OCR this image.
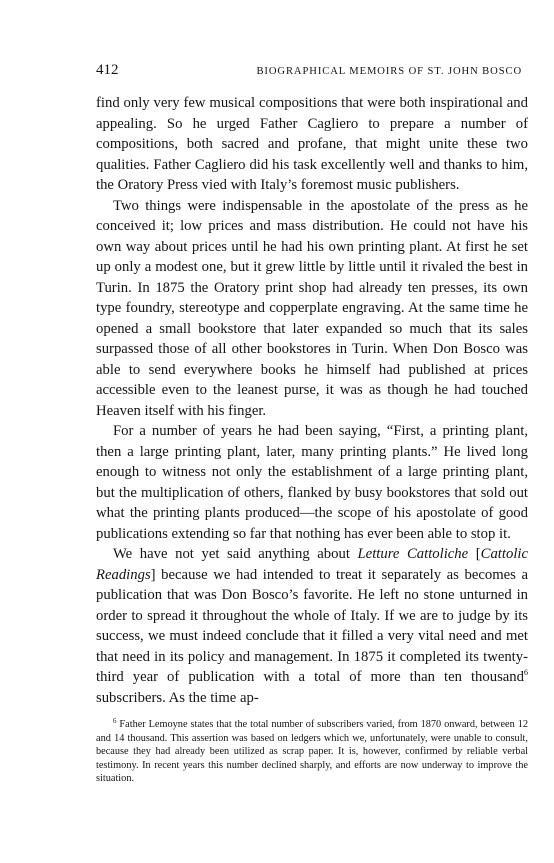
412	BIOGRAPHICAL MEMOIRS OF ST. JOHN BOSCO

find only very few musical compositions that were both inspirational and appealing. So he urged Father Cagliero to prepare a number of compositions, both sacred and profane, that might unite these two qualities. Father Cagliero did his task excellently well and thanks to him, the Oratory Press vied with Italy’s foremost music publishers.

Two things were indispensable in the apostolate of the press as he conceived it; low prices and mass distribution. He could not have his own way about prices until he had his own printing plant. At first he set up only a modest one, but it grew little by little until it rivaled the best in Turin. In 1875 the Oratory print shop had already ten presses, its own type foundry, stereotype and copperplate engraving. At the same time he opened a small bookstore that later expanded so much that its sales surpassed those of all other bookstores in Turin. When Don Bosco was able to send everywhere books he himself had published at prices accessible even to the leanest purse, it was as though he had touched Heaven itself with his finger.

For a number of years he had been saying, “First, a printing plant, then a large printing plant, later, many printing plants.” He lived long enough to witness not only the establishment of a large printing plant, but the multiplication of others, flanked by busy bookstores that sold out what the printing plants produced—the scope of his apostolate of good publications extending so far that nothing has ever been able to stop it.

We have not yet said anything about Letture Cattoliche [Cattolic Readings] because we had intended to treat it separately as becomes a publication that was Don Bosco’s favorite. He left no stone unturned in order to spread it throughout the whole of Italy. If we are to judge by its success, we must indeed conclude that it filled a very vital need and met that need in its policy and management. In 1875 it completed its twenty-third year of publication with a total of more than ten thousand$^6$ subscribers. As the time ap-

$^6$ Father Lemoyne states that the total number of subscribers varied, from 1870 onward, between 12 and 14 thousand. This assertion was based on ledgers which we, unfortunately, were unable to consult, because they had already been utilized as scrap paper. It is, however, confirmed by reliable verbal testimony. In recent years this number declined sharply, and efforts are now underway to improve the situation.
